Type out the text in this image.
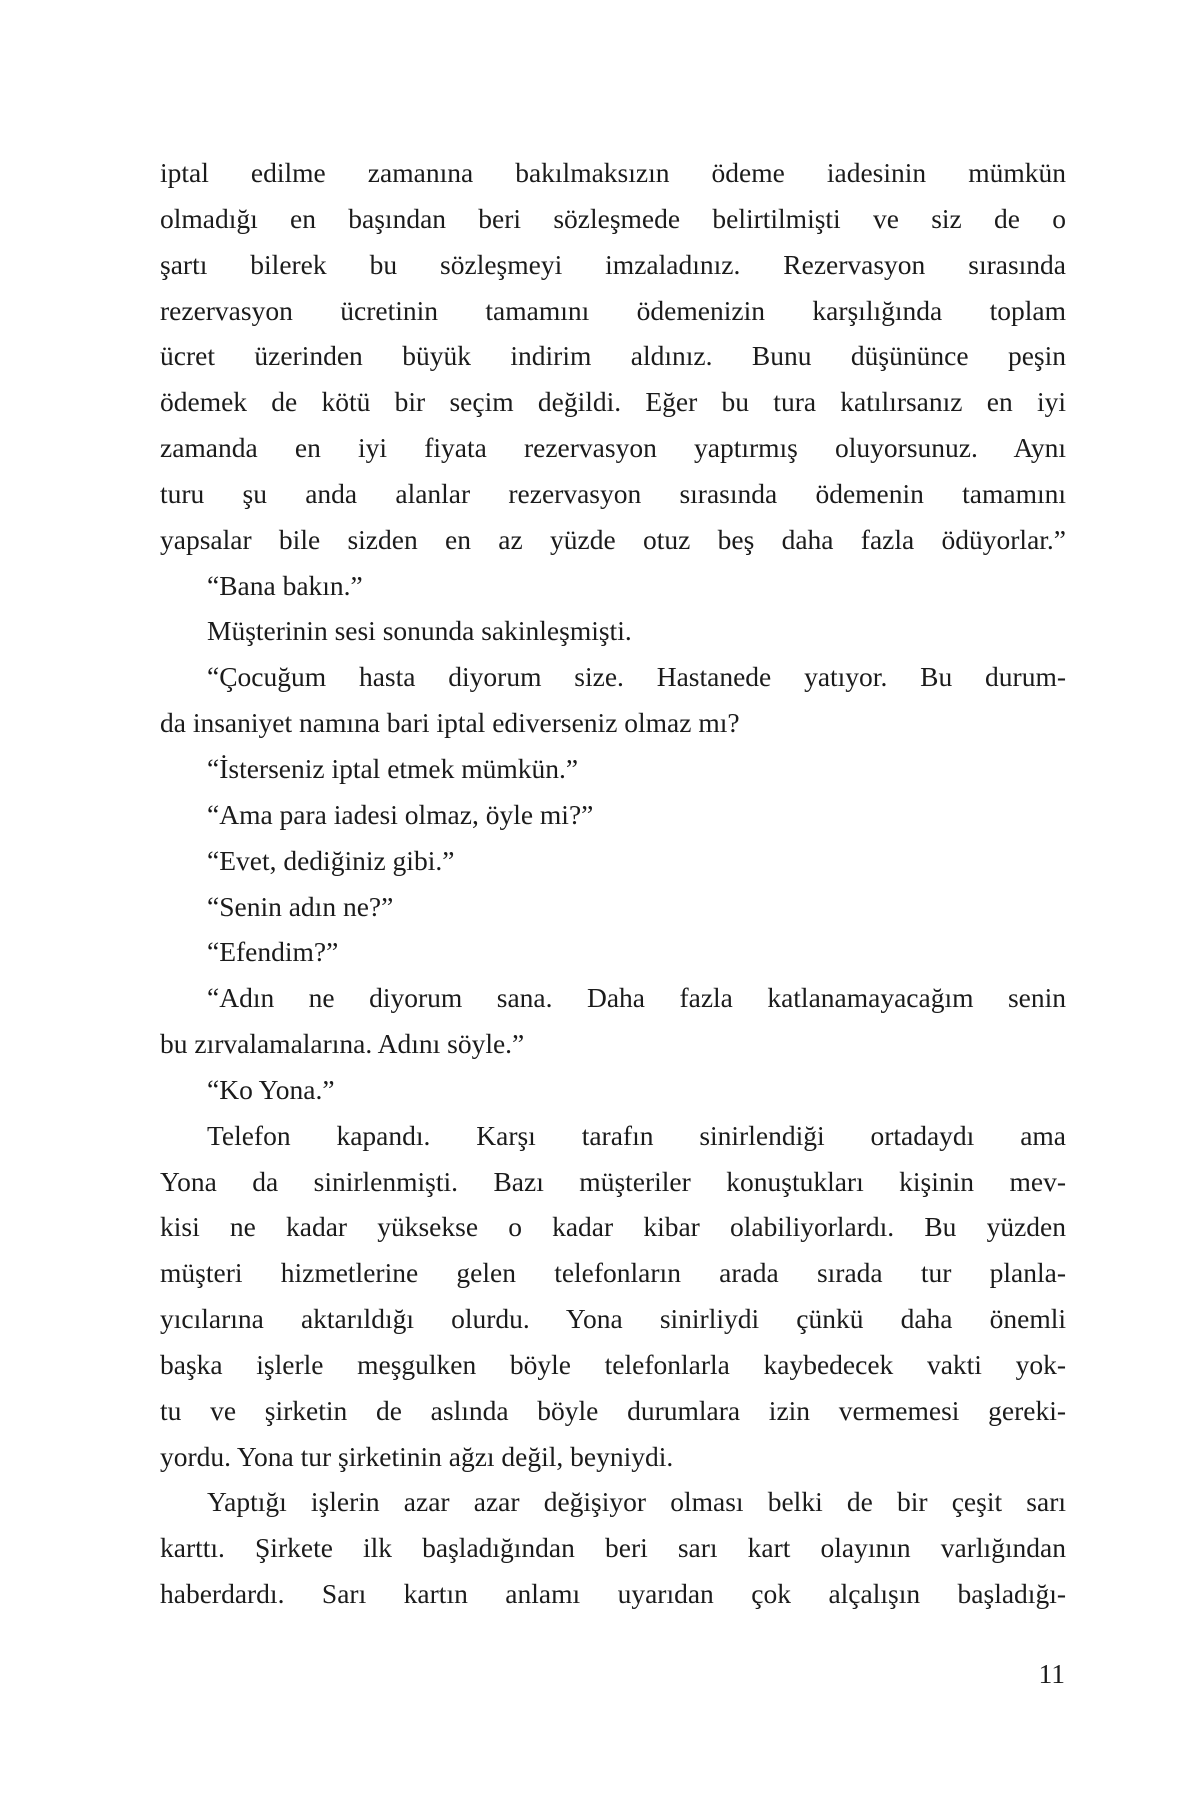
iptal edilme zamanına bakılmaksızın ödeme iadesinin mümkün
olmadığı en başından beri sözleşmede belirtilmişti ve siz de o
şartı bilerek bu sözleşmeyi imzaladınız. Rezervasyon sırasında
rezervasyon ücretinin tamamını ödemenizin karşılığında toplam
ücret üzerinden büyük indirim aldınız. Bunu düşününce peşin
ödemek de kötü bir seçim değildi. Eğer bu tura katılırsanız en iyi
zamanda en iyi fiyata rezervasyon yaptırmış oluyorsunuz. Aynı
turu şu anda alanlar rezervasyon sırasında ödemenin tamamını
yapsalar bile sizden en az yüzde otuz beş daha fazla ödüyorlar.”
“Bana bakın.”
Müşterinin sesi sonunda sakinleşmişti.
“Çocuğum hasta diyorum size. Hastanede yatıyor. Bu durum-
da insaniyet namına bari iptal ediverseniz olmaz mı?
“İsterseniz iptal etmek mümkün.”
“Ama para iadesi olmaz, öyle mi?”
“Evet, dediğiniz gibi.”
“Senin adın ne?”
“Efendim?”
“Adın ne diyorum sana. Daha fazla katlanamayacağım senin
bu zırvalamalarına. Adını söyle.”
“Ko Yona.”
Telefon kapandı. Karşı tarafın sinirlendiği ortadaydı ama
Yona da sinirlenmişti. Bazı müşteriler konuştukları kişinin mev-
kisi ne kadar yüksekse o kadar kibar olabiliyorlardı. Bu yüzden
müşteri hizmetlerine gelen telefonların arada sırada tur planla-
yıcılarına aktarıldığı olurdu. Yona sinirliydi çünkü daha önemli
başka işlerle meşgulken böyle telefonlarla kaybedecek vakti yok-
tu ve şirketin de aslında böyle durumlara izin vermemesi gereki-
yordu. Yona tur şirketinin ağzı değil, beyniydi.
Yaptığı işlerin azar azar değişiyor olması belki de bir çeşit sarı
karttı. Şirkete ilk başladığından beri sarı kart olayının varlığından
haberdardı. Sarı kartın anlamı uyarıdan çok alçalışın başladığı-
11
